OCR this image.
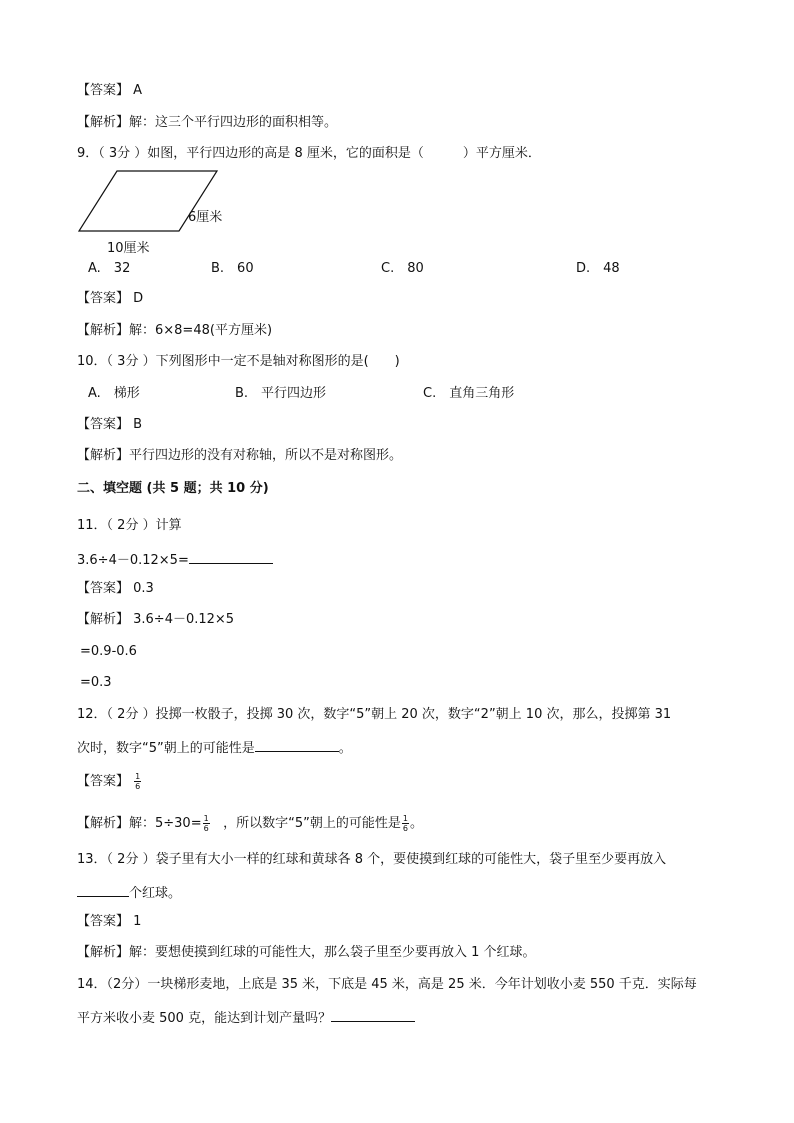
【答案】 A
【解析】解：这三个平行四边形的面积相等。
9．（ 3分 ）如图，平行四边形的高是 8 厘米，它的面积是（　　　）平方厘米．
6厘米
10厘米
A.　32	B.　60	C.　80	D.　48
【答案】 D
【解析】解：6×8=48(平方厘米)
10．（ 3分 ）下列图形中一定不是轴对称图形的是(　　)
A.　梯形	B.　平行四边形	C.　直角三角形
【答案】 B
【解析】平行四边形的没有对称轴，所以不是对称图形。
二、填空题 (共 5 题；共 10 分)
11．（ 2分 ）计算
3.6÷4－0.12×5=
【答案】 0.3
【解析】 3.6÷4－0.12×5
=0.9-0.6
=0.3
12．（ 2分 ）投掷一枚骰子，投掷 30 次，数字“5”朝上 20 次，数字“2”朝上 10 次，那么，投掷第 31
次时，数字“5”朝上的可能性是	。
【答案】 $\frac{1}{6}$
【解析】解：$5\div 30= \frac{1}{6}$ ，所以数字“5”朝上的可能性是 $\frac{1}{6}$ 。
13．（ 2分 ）袋子里有大小一样的红球和黄球各 8 个，要使摸到红球的可能性大，袋子里至少要再放入
个红球。
【答案】 1
【解析】解：要想使摸到红球的可能性大，那么袋子里至少要再放入 1 个红球。
14．（2分）一块梯形麦地，上底是 35 米，下底是 45 米，高是 25 米．今年计划收小麦 550 千克．实际每
平方米收小麦 500 克，能达到计划产量吗？
